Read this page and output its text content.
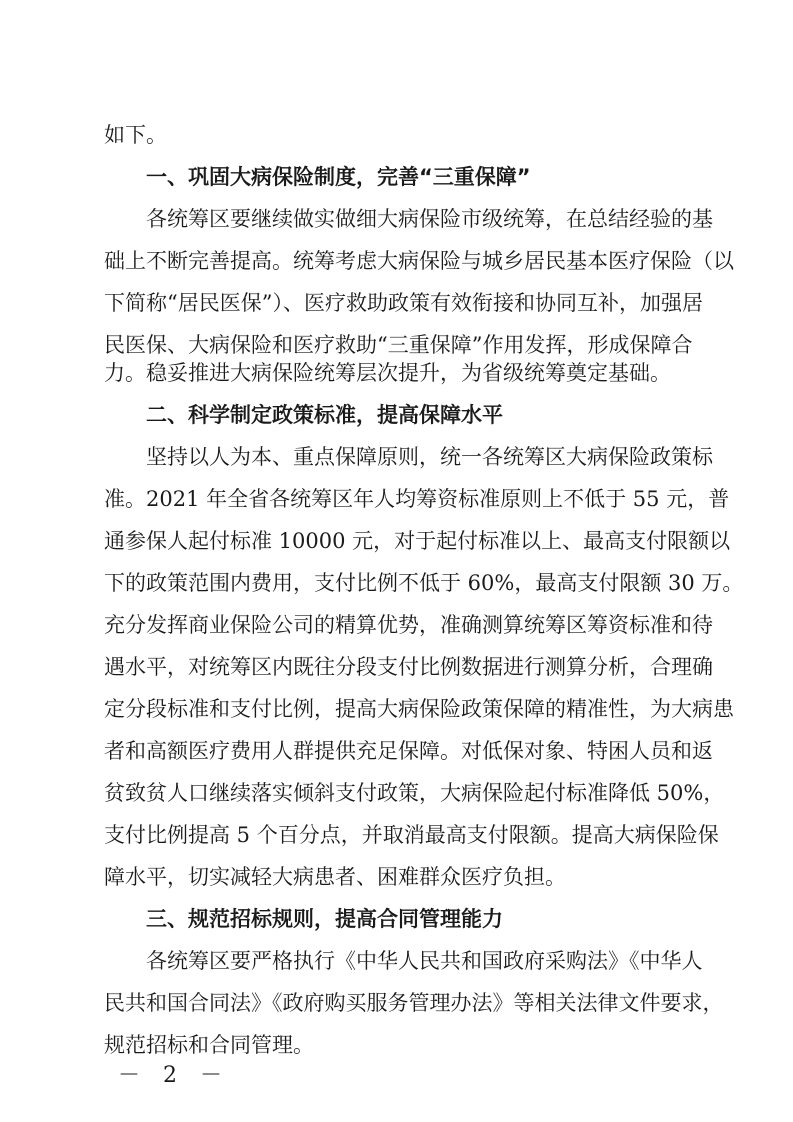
如下。
一、巩固大病保险制度，完善“三重保障”
各统筹区要继续做实做细大病保险市级统筹，在总结经验的基
础上不断完善提高。统筹考虑大病保险与城乡居民基本医疗保险（以
下简称“居民医保”）、医疗救助政策有效衔接和协同互补，加强居
民医保、大病保险和医疗救助“三重保障”作用发挥，形成保障合
力。稳妥推进大病保险统筹层次提升，为省级统筹奠定基础。
二、科学制定政策标准，提高保障水平
坚持以人为本、重点保障原则，统一各统筹区大病保险政策标
准。2021 年全省各统筹区年人均筹资标准原则上不低于 55 元，普
通参保人起付标准 10000 元，对于起付标准以上、最高支付限额以
下的政策范围内费用，支付比例不低于 60%，最高支付限额 30 万。
充分发挥商业保险公司的精算优势，准确测算统筹区筹资标准和待
遇水平，对统筹区内既往分段支付比例数据进行测算分析，合理确
定分段标准和支付比例，提高大病保险政策保障的精准性，为大病患
者和高额医疗费用人群提供充足保障。对低保对象、特困人员和返
贫致贫人口继续落实倾斜支付政策，大病保险起付标准降低 50%，
支付比例提高 5 个百分点，并取消最高支付限额。提高大病保险保
障水平，切实减轻大病患者、困难群众医疗负担。
三、规范招标规则，提高合同管理能力
各统筹区要严格执行《中华人民共和国政府采购法》《中华人
民共和国合同法》《政府购买服务管理办法》等相关法律文件要求，
规范招标和合同管理。
－ 2 －
